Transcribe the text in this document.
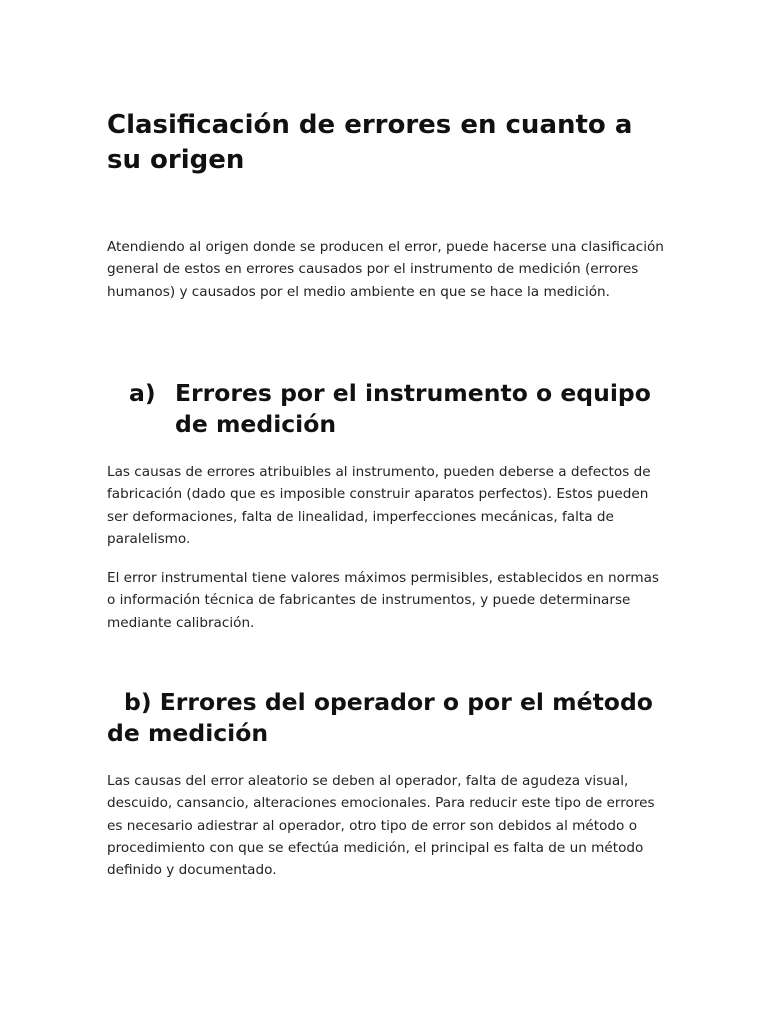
Clasificación de errores en cuanto a su origen

Atendiendo al origen donde se producen el error, puede hacerse una clasificación general de estos en errores causados por el instrumento de medición (errores humanos) y causados por el medio ambiente en que se hace la medición.

a) Errores por el instrumento o equipo de medición

Las causas de errores atribuibles al instrumento, pueden deberse a defectos de fabricación (dado que es imposible construir aparatos perfectos). Estos pueden ser deformaciones, falta de linealidad, imperfecciones mecánicas, falta de paralelismo.

El error instrumental tiene valores máximos permisibles, establecidos en normas o información técnica de fabricantes de instrumentos, y puede determinarse mediante calibración.

b) Errores del operador o por el método de medición

Las causas del error aleatorio se deben al operador, falta de agudeza visual, descuido, cansancio, alteraciones emocionales. Para reducir este tipo de errores es necesario adiestrar al operador, otro tipo de error son debidos al método o procedimiento con que se efectúa medición, el principal es falta de un método definido y documentado.
